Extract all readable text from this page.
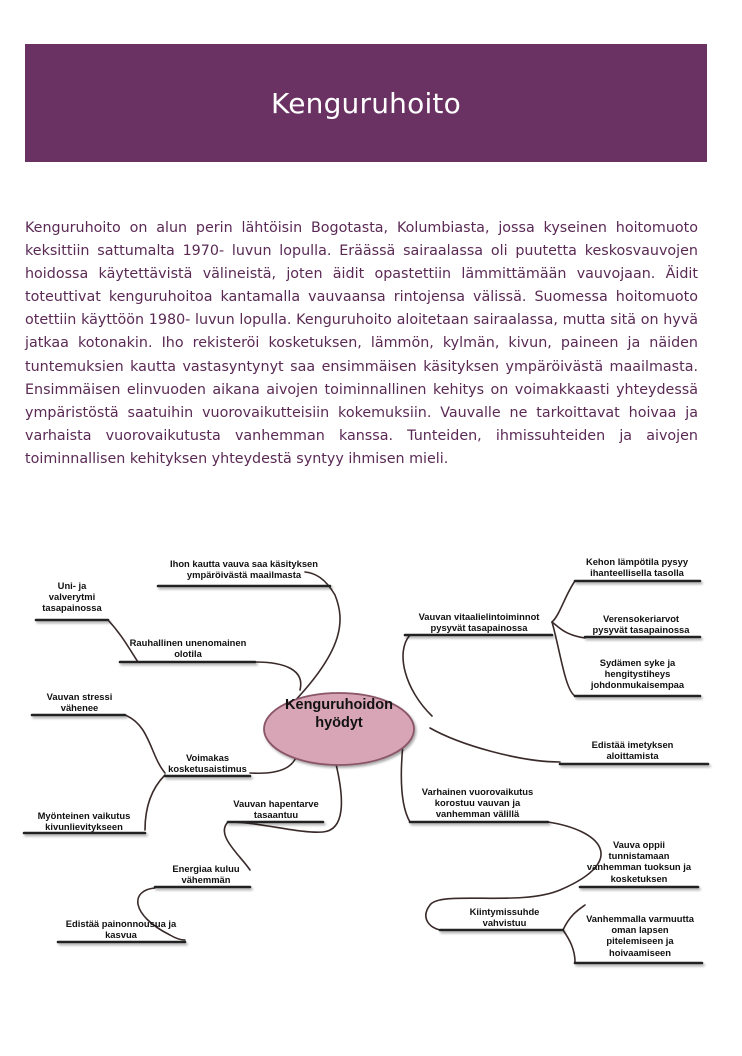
Kenguruhoito

Kenguruhoito on alun perin lähtöisin Bogotasta, Kolumbiasta, jossa kyseinen hoitomuoto keksittiin sattumalta 1970- luvun lopulla. Eräässä sairaalassa oli puutetta keskosvauvojen hoidossa käytettävistä välineistä, joten äidit opastettiin lämmittämään vauvojaan. Äidit toteuttivat kenguruhoitoa kantamalla vauvaansa rintojensa välissä. Suomessa hoitomuoto otettiin käyttöön 1980- luvun lopulla. Kenguruhoito aloitetaan sairaalassa, mutta sitä on hyvä jatkaa kotonakin. Iho rekisteröi kosketuksen, lämmön, kylmän, kivun, paineen ja näiden tuntemuksien kautta vastasyntynyt saa ensimmäisen käsityksen ympäröivästä maailmasta. Ensimmäisen elinvuoden aikana aivojen toiminnallinen kehitys on voimakkaasti yhteydessä ympäristöstä saatuihin vuorovaikutteisiin kokemuksiin. Vauvalle ne tarkoittavat hoivaa ja varhaista vuorovaikutusta vanhemman kanssa. Tunteiden, ihmissuhteiden ja aivojen toiminnallisen kehityksen yhteydestä syntyy ihmisen mieli.

Kenguruhoidon
hyödyt
Ihon kautta vauva saa käsityksen
ympäröivästä maailmasta
Uni- ja
valverytmi
tasapainossa
Rauhallinen unenomainen
olotila
Vauvan stressi
vähenee
Voimakas
kosketusaistimus
Myönteinen vaikutus
kivunlievitykseen
Vauvan hapentarve
tasaantuu
Energiaa kuluu
vähemmän
Edistää painonnousua ja
kasvua
Vauvan vitaalielintoiminnot
pysyvät tasapainossa
Kehon lämpötila pysyy
ihanteellisella tasolla
Verensokeriarvot
pysyvät tasapainossa
Sydämen syke ja
hengitystiheys
johdonmukaisempaa
Edistää imetyksen
aloittamista
Varhainen vuorovaikutus
korostuu vauvan ja
vanhemman välillä
Vauva oppii
tunnistamaan
vanhemman tuoksun ja
kosketuksen
Kiintymissuhde
vahvistuu	Vanhemmalla varmuutta
oman lapsen
pitelemiseen ja
hoivaamiseen
